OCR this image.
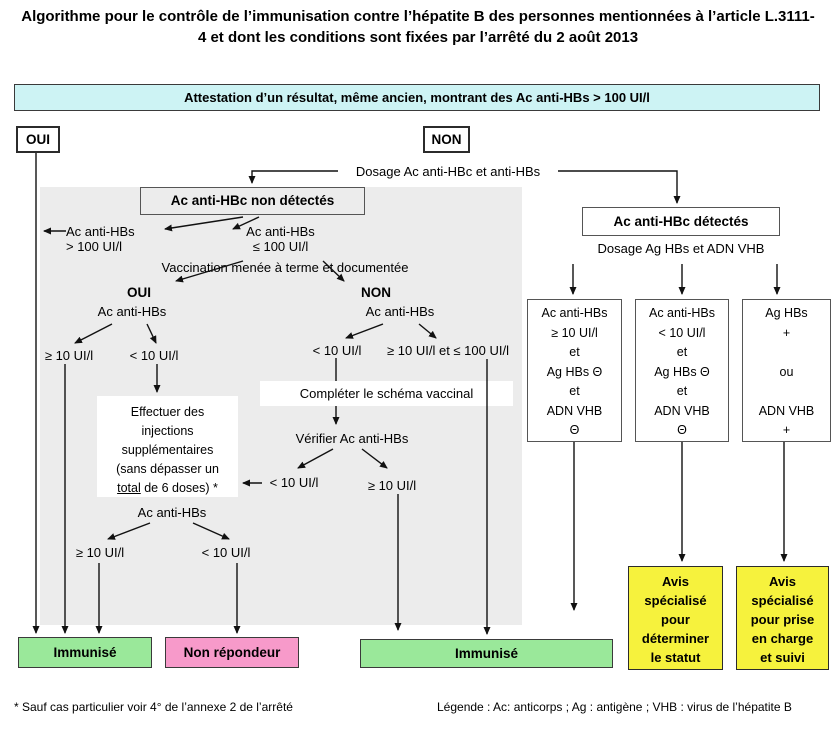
Algorithme pour le contrôle de l’immunisation contre l’hépatite B des personnes mentionnées à l’article L.3111-4 et dont les conditions sont fixées par l’arrêté du 2 août 2013
Attestation d’un résultat, même ancien, montrant des Ac anti-HBs > 100 UI/l
OUI	NON
Dosage Ac anti-HBc et anti-HBs
Ac anti-HBc non détectés
Ac anti-HBs
> 100 UI/l
Ac anti-HBs
≤ 100 UI/l
Vaccination menée à terme et documentée
OUI	NON
Ac anti-HBs
≥ 10 UI/l	< 10 UI/l
Ac anti-HBs
< 10 UI/l	≥ 10 UI/l et ≤ 100 UI/l
Compléter le schéma vaccinal
Vérifier Ac anti-HBs
< 10 UI/l	≥ 10 UI/l
Effectuer des
injections
supplémentaires
(sans dépasser un
total de 6 doses) *
Ac anti-HBs
≥ 10 UI/l	< 10 UI/l
Ac anti-HBc détectés
Dosage Ag HBs et ADN VHB
Ac anti-HBs
≥ 10 UI/l
et
Ag HBs Θ
et
ADN VHB
Θ
Ac anti-HBs
< 10 UI/l
et
Ag HBs Θ
et
ADN VHB
Θ
Ag HBs
+
ou
ADN VHB
+
Avis
spécialisé
pour
déterminer
le statut
Avis
spécialisé
pour prise
en charge
et suivi
Immunisé	Non répondeur	Immunisé
* Sauf cas particulier voir 4° de l’annexe 2 de l’arrêté	Légende : Ac: anticorps ; Ag : antigène ; VHB : virus de l’hépatite B
